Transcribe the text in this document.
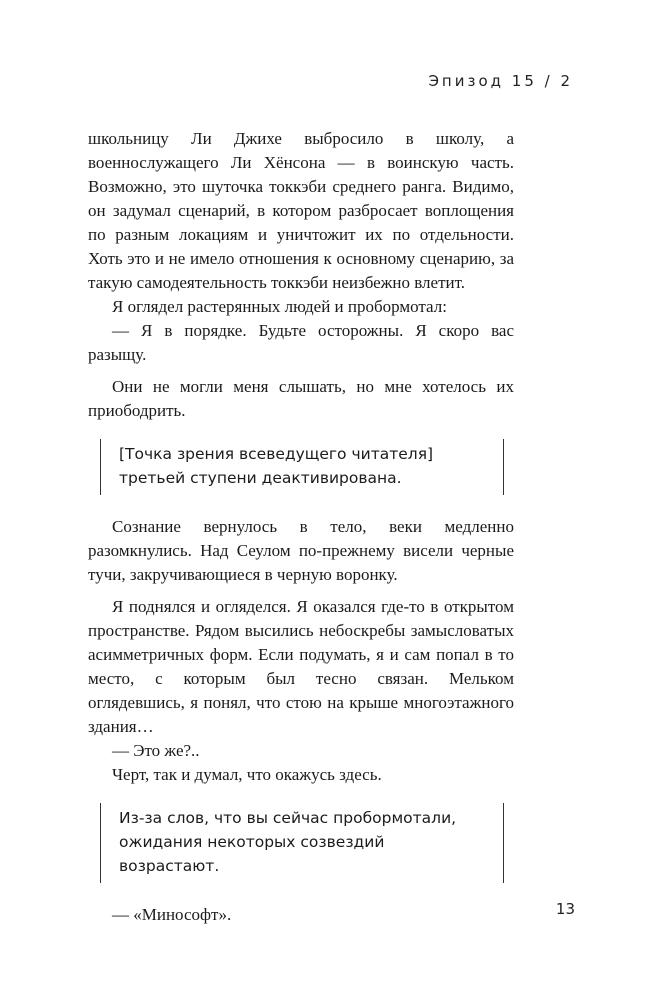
Эпизод 15 / 2

школьницу Ли Джихе выбросило в школу, а военнослужащего Ли Хёнсона — в воинскую часть. Возможно, это шуточка токкэби среднего ранга. Видимо, он задумал сценарий, в котором разбросает воплощения по разным локациям и уничтожит их по отдельности. Хоть это и не имело отношения к основному сценарию, за такую самодеятельность токкэби неизбежно влетит.

Я оглядел растерянных людей и пробормотал:

— Я в порядке. Будьте осторожны. Я скоро вас разыщу.

Они не могли меня слышать, но мне хотелось их приободрить.

[Точка зрения всеведущего читателя] третьей ступени деактивирована.

Сознание вернулось в тело, веки медленно разомкнулись. Над Сеулом по-прежнему висели черные тучи, закручивающиеся в черную воронку.

Я поднялся и огляделся. Я оказался где-то в открытом пространстве. Рядом высились небоскребы замысловатых асимметричных форм. Если подумать, я и сам попал в то место, с которым был тесно связан. Мельком оглядевшись, я понял, что стою на крыше многоэтажного здания…

— Это же?..

Черт, так и думал, что окажусь здесь.

Из-за слов, что вы сейчас пробормотали, ожидания некоторых созвездий возрастают.

— «Минософт».	13
